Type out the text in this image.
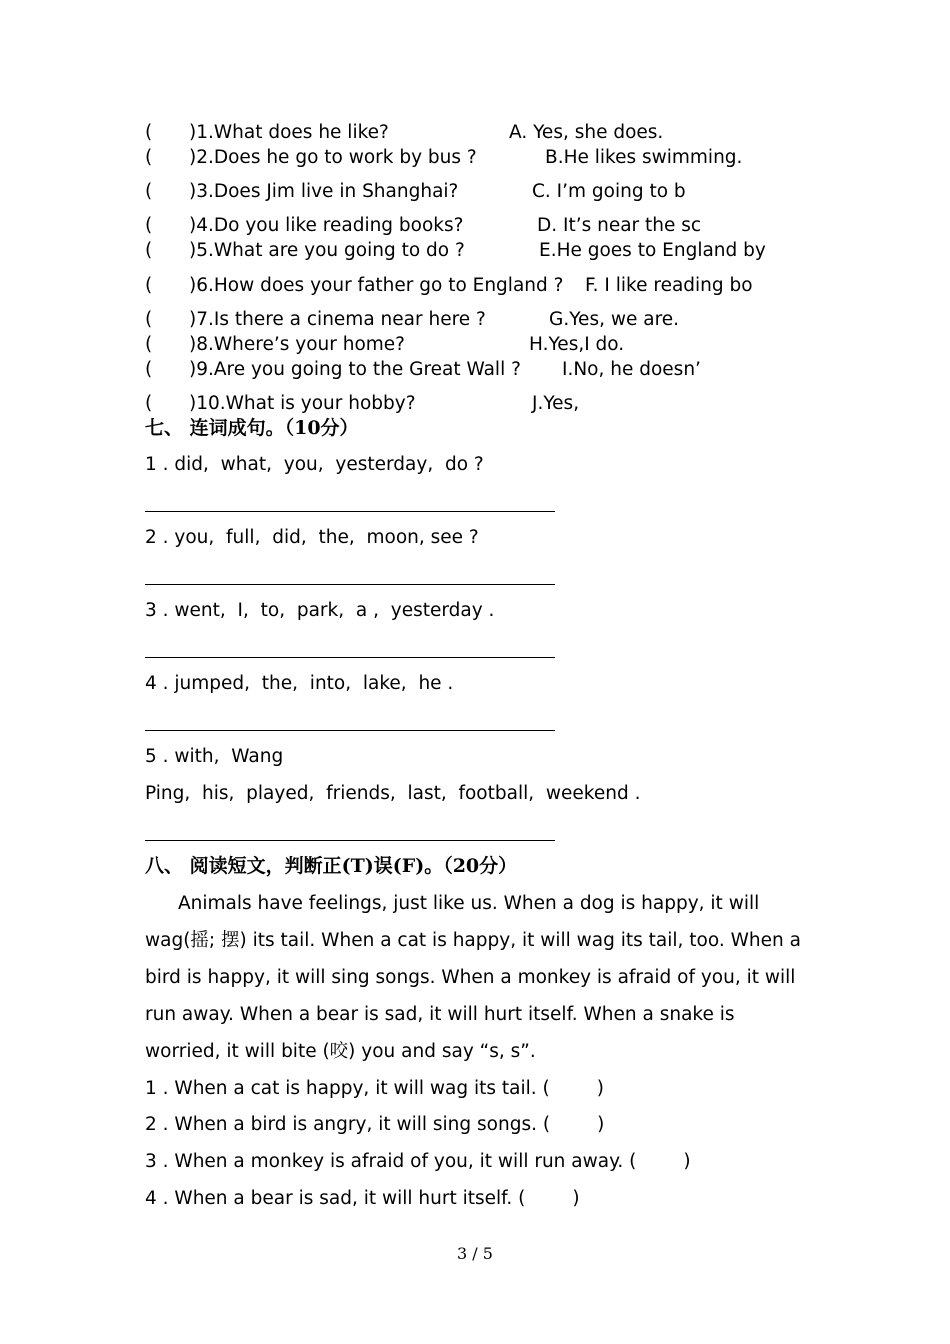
( )1.What does he like?	A. Yes, she does.
( )2.Does he go to work by bus ?	B.He likes swimming.
( )3.Does Jim live in Shanghai?	C. I’m going to b
( )4.Do you like reading books?	D. It’s near the sc
( )5.What are you going to do ?	E.He goes to England by
( )6.How does your father go to England ? F. I like reading bo
( )7.Is there a cinema near here ?	G.Yes, we are.
( )8.Where’s your home?	H.Yes,I do.
( )9.Are you going to the Great Wall ? I.No, he doesn’
( )10.What is your hobby?	J.Yes,
七、 连词成句。（10分）
1 . did,  what,  you,  yesterday,  do ?
2 . you,  full,  did,  the,  moon, see ?
3 . went,  I,  to,  park,  a ,  yesterday .
4 . jumped,  the,  into,  lake,  he .
5 . with,  Wang
Ping,  his,  played,  friends,  last,  football,  weekend .
八、 阅读短文，判断正(T)误(F)。（20分）
Animals have feelings, just like us. When a dog is happy, it will wag(摇; 摆) its tail. When a cat is happy, it will wag its tail, too. When a bird is happy, it will sing songs. When a monkey is afraid of you, it will run away. When a bear is sad, it will hurt itself. When a snake is worried, it will bite (咬) you and say “s, s”.
1 . When a cat is happy, it will wag its tail. (        )
2 . When a bird is angry, it will sing songs. (        )
3 . When a monkey is afraid of you, it will run away. (        )
4 . When a bear is sad, it will hurt itself. (        )
3 / 5
